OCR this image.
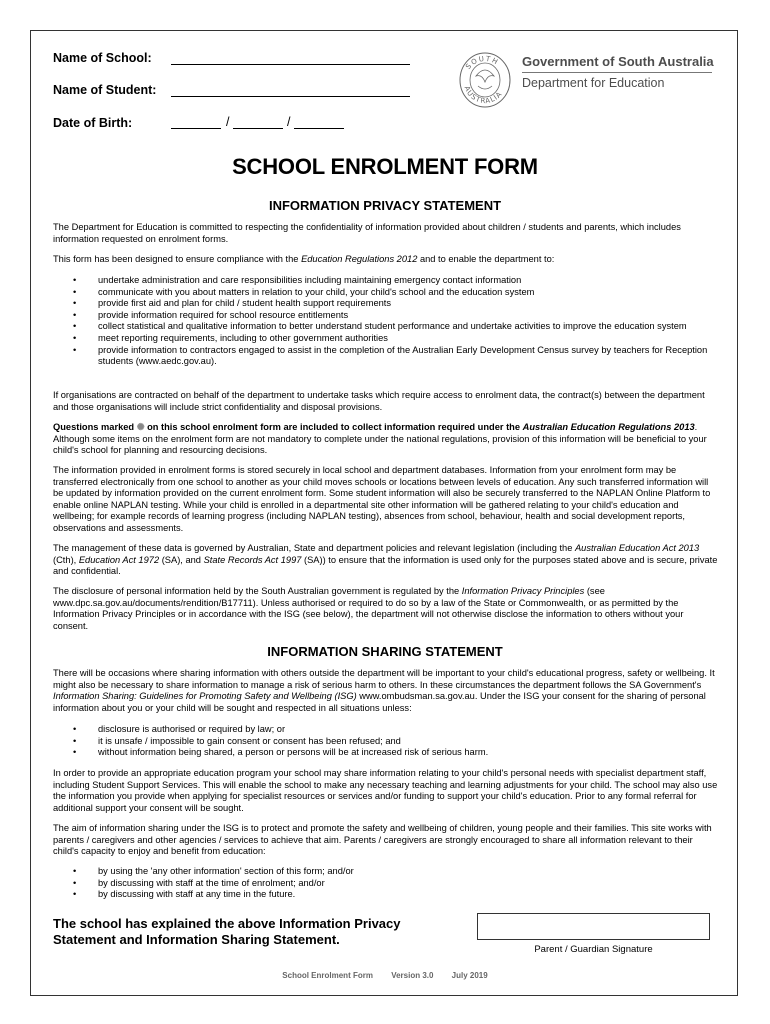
Name of School:
Name of Student:
Date of Birth:	/	/
SOUTH
AUSTRALIA
Government of South Australia
Department for Education
SCHOOL ENROLMENT FORM
INFORMATION PRIVACY STATEMENT

The Department for Education is committed to respecting the confidentiality of information provided about children / students and parents, which includes information requested on enrolment forms.

This form has been designed to ensure compliance with the Education Regulations 2012 and to enable the department to:

• undertake administration and care responsibilities including maintaining emergency contact information
• communicate with you about matters in relation to your child, your child's school and the education system
• provide first aid and plan for child / student health support requirements
• provide information required for school resource entitlements
• collect statistical and qualitative information to better understand student performance and undertake activities to improve the education system
• meet reporting requirements, including to other government authorities
• provide information to contractors engaged to assist in the completion of the Australian Early Development Census survey by teachers for Reception students (www.aedc.gov.au).

If organisations are contracted on behalf of the department to undertake tasks which require access to enrolment data, the contract(s) between the department and those organisations will include strict confidentiality and disposal provisions.

Questions marked ✺ on this school enrolment form are included to collect information required under the Australian Education Regulations 2013. Although some items on the enrolment form are not mandatory to complete under the national regulations, provision of this information will be beneficial to your child's school for planning and resourcing decisions.

The information provided in enrolment forms is stored securely in local school and department databases. Information from your enrolment form may be transferred electronically from one school to another as your child moves schools or locations between levels of education. Any such transferred information will be updated by information provided on the current enrolment form. Some student information will also be securely transferred to the NAPLAN Online Platform to enable online NAPLAN testing. While your child is enrolled in a departmental site other information will be gathered relating to your child's education and wellbeing; for example records of learning progress (including NAPLAN testing), absences from school, behaviour, health and social development reports, observations and assessments.

The management of these data is governed by Australian, State and department policies and relevant legislation (including the Australian Education Act 2013 (Cth), Education Act 1972 (SA), and State Records Act 1997 (SA)) to ensure that the information is used only for the purposes stated above and is secure, private and confidential.

The disclosure of personal information held by the South Australian government is regulated by the Information Privacy Principles (see www.dpc.sa.gov.au/documents/rendition/B17711). Unless authorised or required to do so by a law of the State or Commonwealth, or as permitted by the Information Privacy Principles or in accordance with the ISG (see below), the department will not otherwise disclose the information to others without your consent.

INFORMATION SHARING STATEMENT

There will be occasions where sharing information with others outside the department will be important to your child's educational progress, safety or wellbeing. It might also be necessary to share information to manage a risk of serious harm to others. In these circumstances the department follows the SA Government's Information Sharing: Guidelines for Promoting Safety and Wellbeing (ISG) www.ombudsman.sa.gov.au. Under the ISG your consent for the sharing of personal information about you or your child will be sought and respected in all situations unless:

• disclosure is authorised or required by law; or
• it is unsafe / impossible to gain consent or consent has been refused; and
• without information being shared, a person or persons will be at increased risk of serious harm.

In order to provide an appropriate education program your school may share information relating to your child's personal needs with specialist department staff, including Student Support Services. This will enable the school to make any necessary teaching and learning adjustments for your child. The school may also use the information you provide when applying for specialist resources or services and/or funding to support your child's education. Prior to any formal referral for additional support your consent will be sought.

The aim of information sharing under the ISG is to protect and promote the safety and wellbeing of children, young people and their families. This site works with parents / caregivers and other agencies / services to achieve that aim. Parents / caregivers are strongly encouraged to share all information relevant to their child's capacity to enjoy and benefit from education:

• by using the 'any other information' section of this form; and/or
• by discussing with staff at the time of enrolment; and/or
• by discussing with staff at any time in the future.
The school has explained the above Information Privacy
Statement and Information Sharing Statement.
Parent / Guardian Signature
School Enrolment Form Version 3.0 July 2019
